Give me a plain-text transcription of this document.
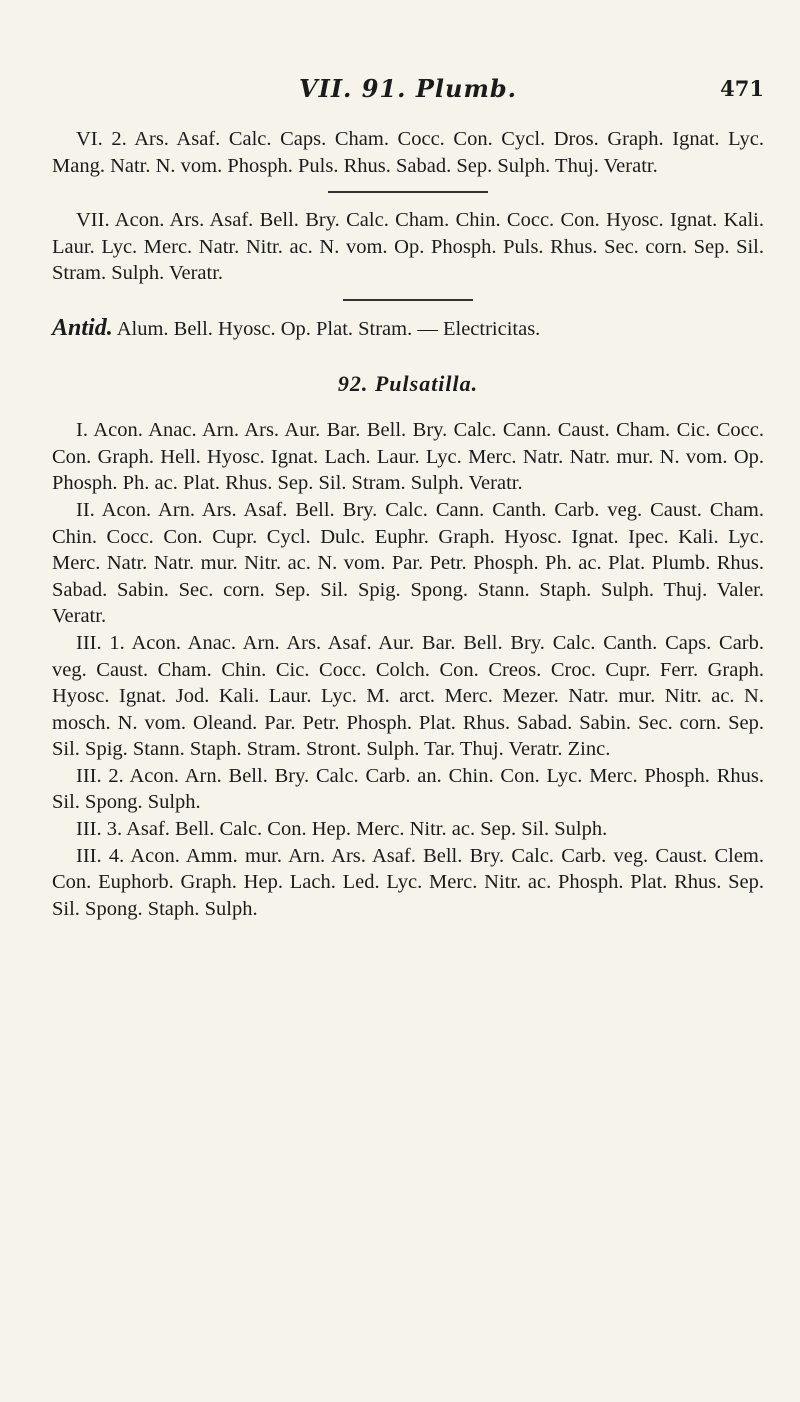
VII. 91. Plumb.	471

VI. 2. Ars. Asaf. Calc. Caps. Cham. Cocc. Con. Cycl. Dros. Graph. Ignat. Lyc. Mang. Natr. N. vom. Phosph. Puls. Rhus. Sabad. Sep. Sulph. Thuj. Veratr.

VII. Acon. Ars. Asaf. Bell. Bry. Calc. Cham. Chin. Cocc. Con. Hyosc. Ignat. Kali. Laur. Lyc. Merc. Natr. Nitr. ac. N. vom. Op. Phosph. Puls. Rhus. Sec. corn. Sep. Sil. Stram. Sulph. Veratr.

Antid. Alum. Bell. Hyosc. Op. Plat. Stram. — Electricitas.

92. Pulsatilla.

I. Acon. Anac. Arn. Ars. Aur. Bar. Bell. Bry. Calc. Cann. Caust. Cham. Cic. Cocc. Con. Graph. Hell. Hyosc. Ignat. Lach. Laur. Lyc. Merc. Natr. Natr. mur. N. vom. Op. Phosph. Ph. ac. Plat. Rhus. Sep. Sil. Stram. Sulph. Veratr.

II. Acon. Arn. Ars. Asaf. Bell. Bry. Calc. Cann. Canth. Carb. veg. Caust. Cham. Chin. Cocc. Con. Cupr. Cycl. Dulc. Euphr. Graph. Hyosc. Ignat. Ipec. Kali. Lyc. Merc. Natr. Natr. mur. Nitr. ac. N. vom. Par. Petr. Phosph. Ph. ac. Plat. Plumb. Rhus. Sabad. Sabin. Sec. corn. Sep. Sil. Spig. Spong. Stann. Staph. Sulph. Thuj. Valer. Veratr.

III. 1. Acon. Anac. Arn. Ars. Asaf. Aur. Bar. Bell. Bry. Calc. Canth. Caps. Carb. veg. Caust. Cham. Chin. Cic. Cocc. Colch. Con. Creos. Croc. Cupr. Ferr. Graph. Hyosc. Ignat. Jod. Kali. Laur. Lyc. M. arct. Merc. Mezer. Natr. mur. Nitr. ac. N. mosch. N. vom. Oleand. Par. Petr. Phosph. Plat. Rhus. Sabad. Sabin. Sec. corn. Sep. Sil. Spig. Stann. Staph. Stram. Stront. Sulph. Tar. Thuj. Veratr. Zinc.

III. 2. Acon. Arn. Bell. Bry. Calc. Carb. an. Chin. Con. Lyc. Merc. Phosph. Rhus. Sil. Spong. Sulph.

III. 3. Asaf. Bell. Calc. Con. Hep. Merc. Nitr. ac. Sep. Sil. Sulph.

III. 4. Acon. Amm. mur. Arn. Ars. Asaf. Bell. Bry. Calc. Carb. veg. Caust. Clem. Con. Euphorb. Graph. Hep. Lach. Led. Lyc. Merc. Nitr. ac. Phosph. Plat. Rhus. Sep. Sil. Spong. Staph. Sulph.
